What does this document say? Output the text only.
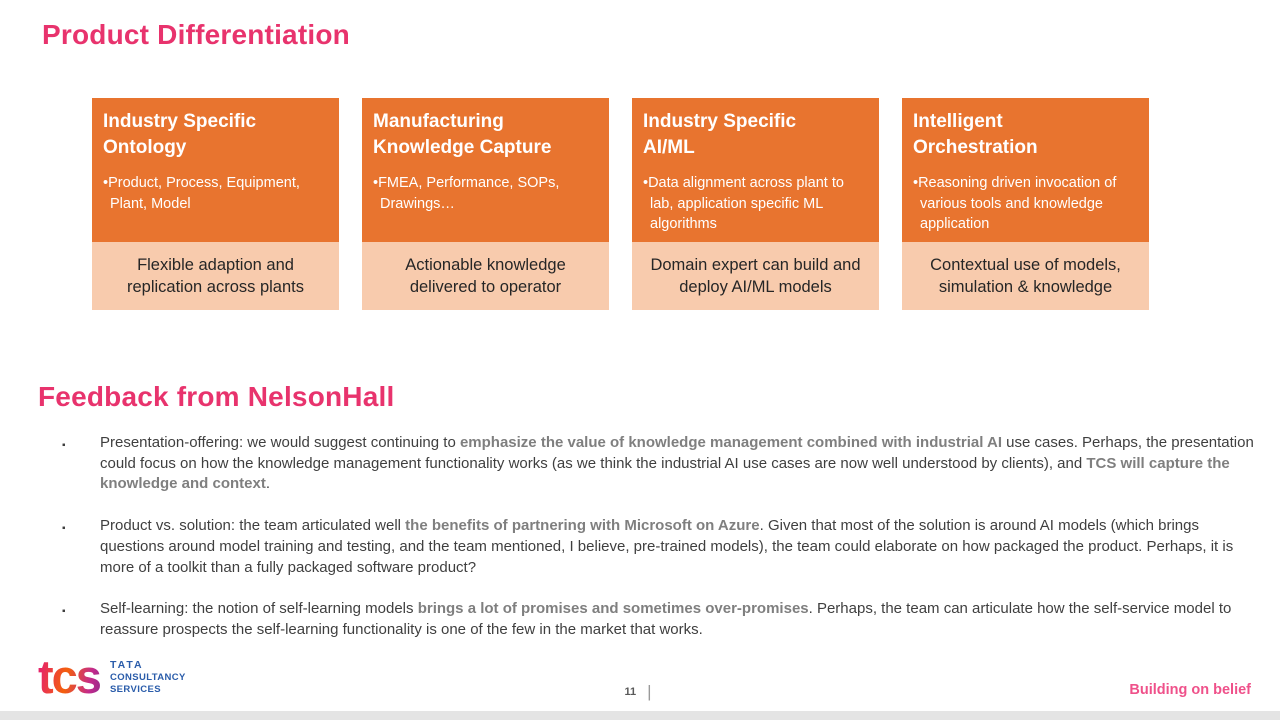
Product Differentiation
Industry Specific
Ontology
•Product, Process, Equipment, Plant, Model
Flexible adaption and replication across plants
Manufacturing
Knowledge Capture
•FMEA, Performance, SOPs, Drawings…
Actionable knowledge delivered to operator
Industry Specific
AI/ML
•Data alignment across plant to lab, application specific ML algorithms
Domain expert can build and deploy AI/ML models
Intelligent
Orchestration
•Reasoning driven invocation of various tools and knowledge application
Contextual use of models, simulation & knowledge
Feedback from NelsonHall
▪ Presentation-offering: we would suggest continuing to emphasize the value of knowledge management combined with industrial AI use cases. Perhaps, the presentation could focus on how the knowledge management functionality works (as we think the industrial AI use cases are now well understood by clients), and TCS will capture the knowledge and context.
▪ Product vs. solution: the team articulated well the benefits of partnering with Microsoft on Azure. Given that most of the solution is around AI models (which brings questions around model training and testing, and the team mentioned, I believe, pre-trained models), the team could elaborate on how packaged the product. Perhaps, it is more of a toolkit than a fully packaged software product?
▪ Self-learning: the notion of self-learning models brings a lot of promises and sometimes over-promises. Perhaps, the team can articulate how the self-service model to reassure prospects the self-learning functionality is one of the few in the market that works.
tcs TATA
CONSULTANCY
SERVICES	11 |	Building on belief
